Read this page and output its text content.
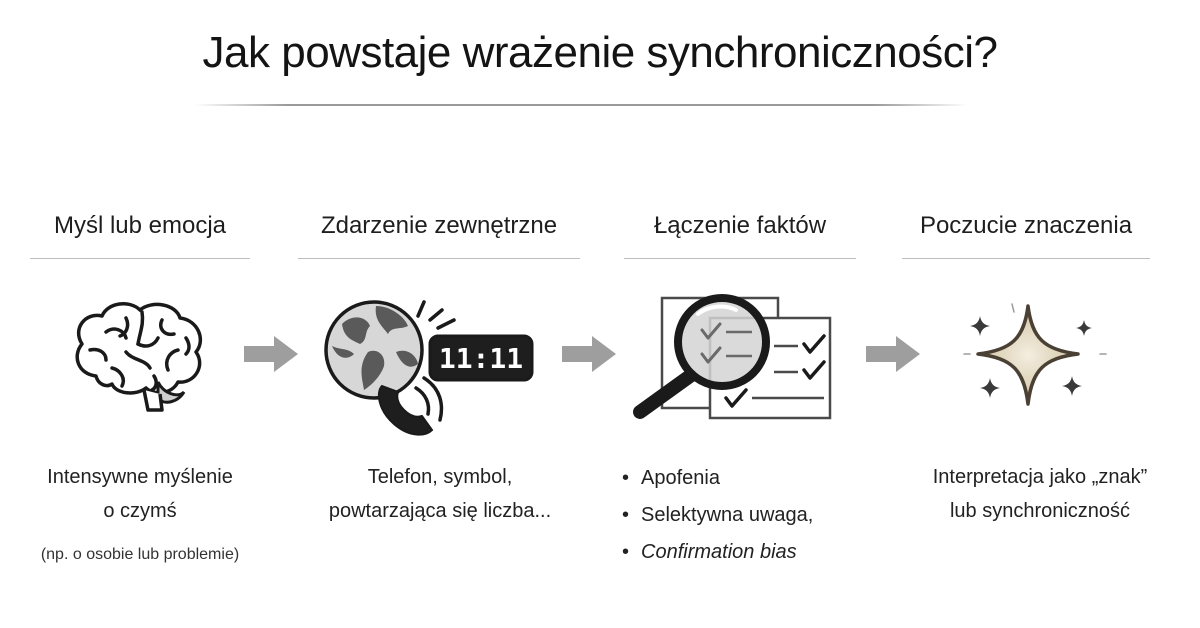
Jak powstaje wrażenie synchroniczności?
Myśl lub emocja
Intensywne myślenie
o czymś
(np. o osobie lub problemie)
Zdarzenie zewnętrzne
11:11
Telefon, symbol,
powtarzająca się liczba...
Łączenie faktów
• Apofenia
• Selektywna uwaga,
• Confirmation bias
Poczucie znaczenia
Interpretacja jako „znak”
lub synchroniczność
